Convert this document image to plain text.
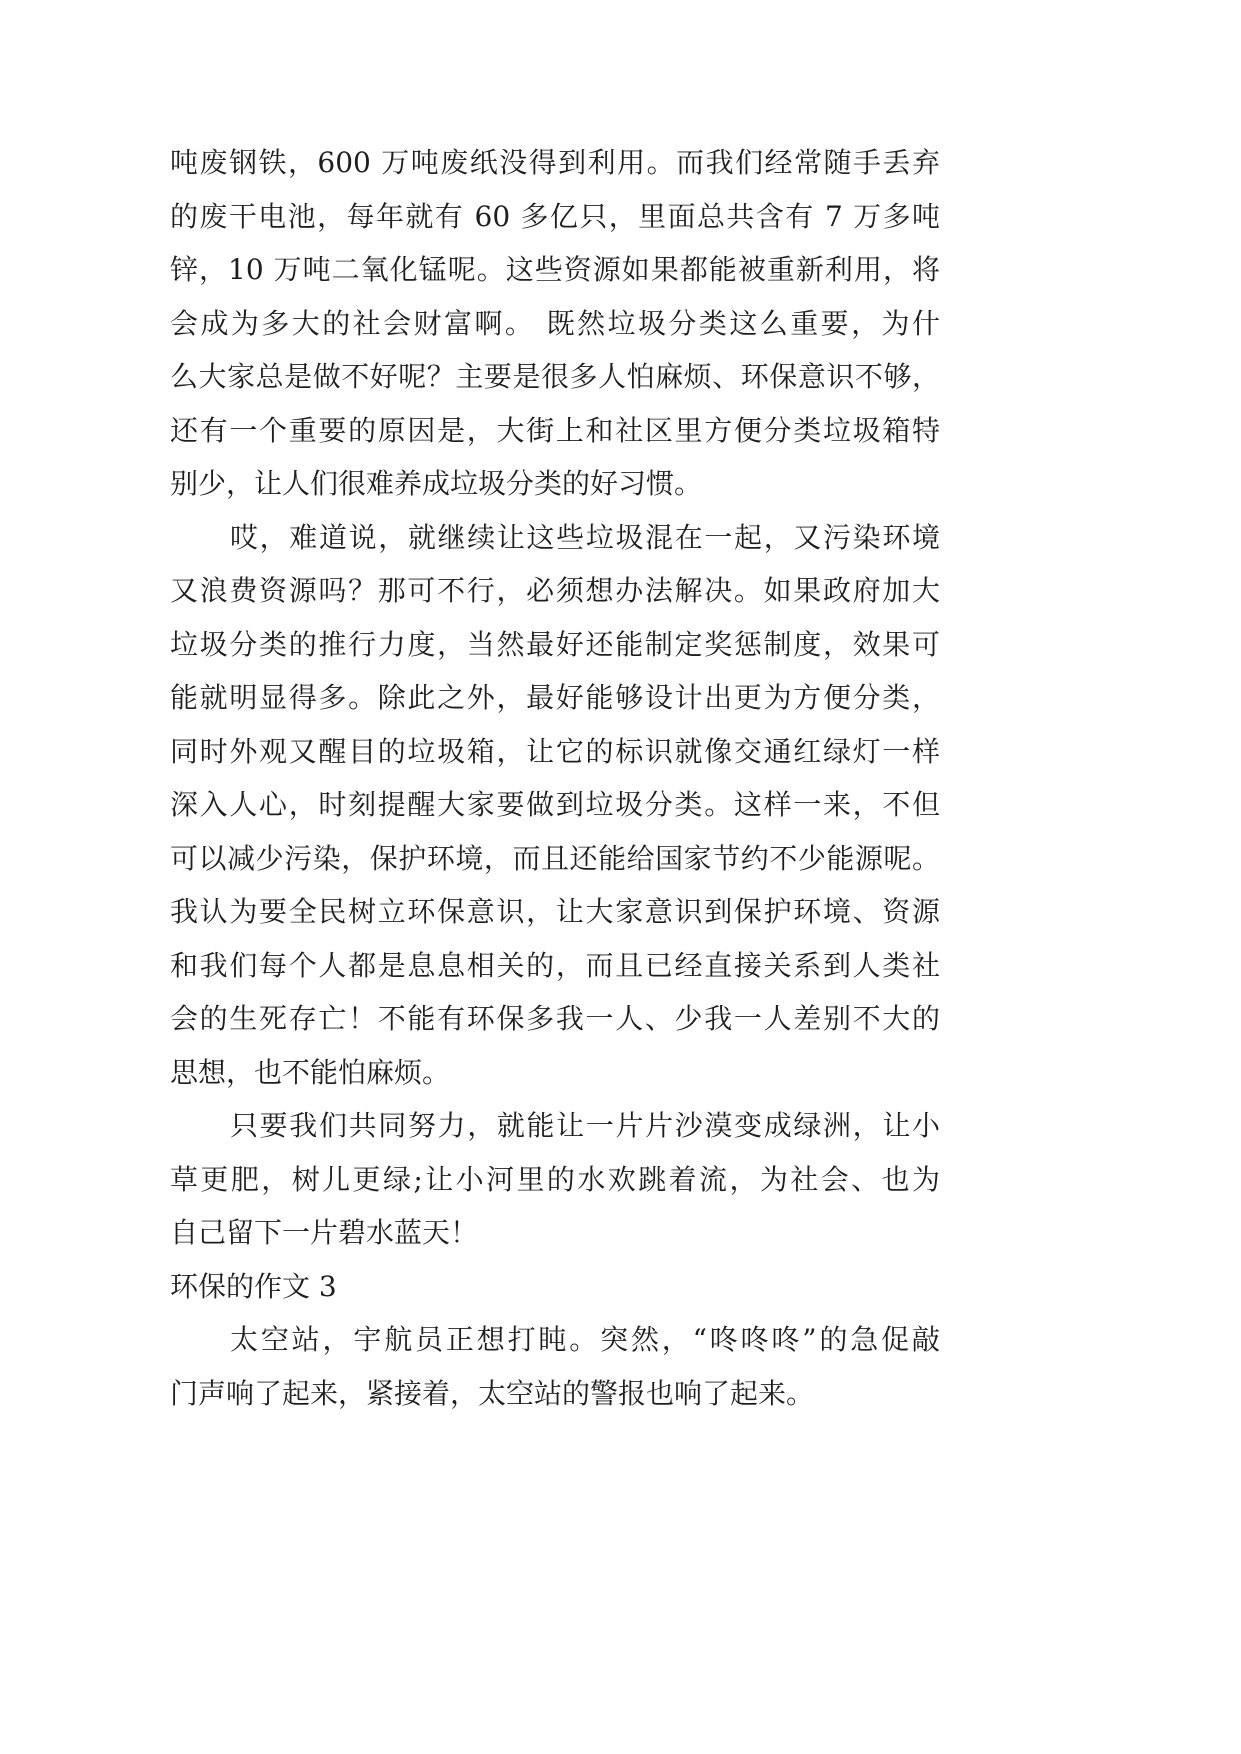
吨废钢铁，600 万吨废纸没得到利用。而我们经常随手丢弃
的废干电池，每年就有 60 多亿只，里面总共含有 7 万多吨
锌，10 万吨二氧化锰呢。这些资源如果都能被重新利用，将
会成为多大的社会财富啊。 既然垃圾分类这么重要，为什
么大家总是做不好呢？主要是很多人怕麻烦、环保意识不够，
还有一个重要的原因是，大街上和社区里方便分类垃圾箱特
别少，让人们很难养成垃圾分类的好习惯。
哎，难道说，就继续让这些垃圾混在一起，又污染环境
又浪费资源吗？那可不行，必须想办法解决。如果政府加大
垃圾分类的推行力度，当然最好还能制定奖惩制度，效果可
能就明显得多。除此之外，最好能够设计出更为方便分类，
同时外观又醒目的垃圾箱，让它的标识就像交通红绿灯一样
深入人心，时刻提醒大家要做到垃圾分类。这样一来，不但
可以减少污染，保护环境，而且还能给国家节约不少能源呢。
我认为要全民树立环保意识，让大家意识到保护环境、资源
和我们每个人都是息息相关的，而且已经直接关系到人类社
会的生死存亡！不能有环保多我一人、少我一人差别不大的
思想，也不能怕麻烦。
只要我们共同努力，就能让一片片沙漠变成绿洲，让小
草更肥，树儿更绿;让小河里的水欢跳着流，为社会、也为
自己留下一片碧水蓝天！
环保的作文 3
太空站，宇航员正想打盹。突然，“咚咚咚”的急促敲
门声响了起来，紧接着，太空站的警报也响了起来。
